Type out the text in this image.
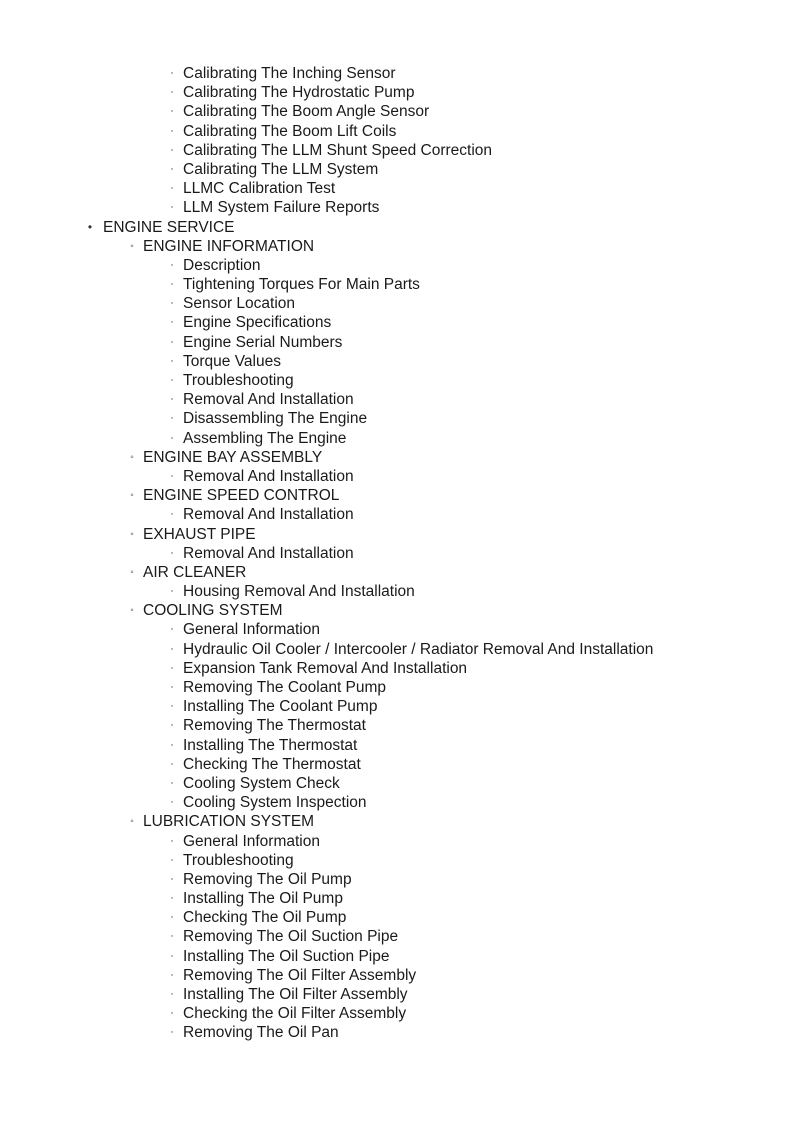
▫ Calibrating The Inching Sensor
▫ Calibrating The Hydrostatic Pump
▫ Calibrating The Boom Angle Sensor
▫ Calibrating The Boom Lift Coils
▫ Calibrating The LLM Shunt Speed Correction
▫ Calibrating The LLM System
▫ LLMC Calibration Test
▫ LLM System Failure Reports
• ENGINE SERVICE
◦ ENGINE INFORMATION
▫ Description
▫ Tightening Torques For Main Parts
▫ Sensor Location
▫ Engine Specifications
▫ Engine Serial Numbers
▫ Torque Values
▫ Troubleshooting
▫ Removal And Installation
▫ Disassembling The Engine
▫ Assembling The Engine
◦ ENGINE BAY ASSEMBLY
▫ Removal And Installation
◦ ENGINE SPEED CONTROL
▫ Removal And Installation
◦ EXHAUST PIPE
▫ Removal And Installation
◦ AIR CLEANER
▫ Housing Removal And Installation
◦ COOLING SYSTEM
▫ General Information
▫ Hydraulic Oil Cooler / Intercooler / Radiator Removal And Installation
▫ Expansion Tank Removal And Installation
▫ Removing The Coolant Pump
▫ Installing The Coolant Pump
▫ Removing The Thermostat
▫ Installing The Thermostat
▫ Checking The Thermostat
▫ Cooling System Check
▫ Cooling System Inspection
◦ LUBRICATION SYSTEM
▫ General Information
▫ Troubleshooting
▫ Removing The Oil Pump
▫ Installing The Oil Pump
▫ Checking The Oil Pump
▫ Removing The Oil Suction Pipe
▫ Installing The Oil Suction Pipe
▫ Removing The Oil Filter Assembly
▫ Installing The Oil Filter Assembly
▫ Checking the Oil Filter Assembly
▫ Removing The Oil Pan
